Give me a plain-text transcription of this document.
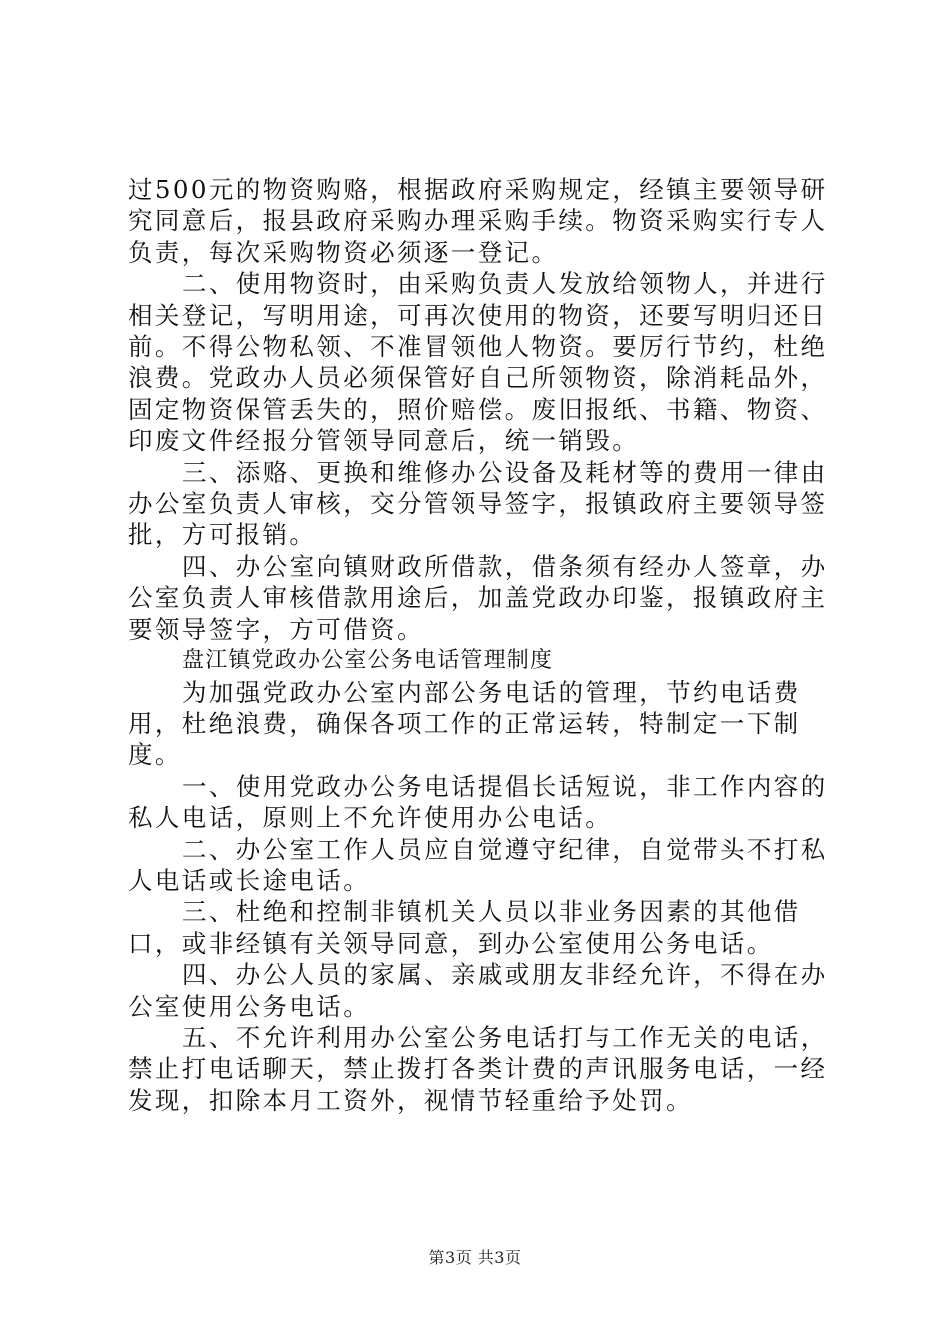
过500元的物资购赂，根据政府采购规定，经镇主要领导研究同意后，报县政府采购办理采购手续。物资采购实行专人负责，每次采购物资必须逐一登记。

二、使用物资时，由采购负责人发放给领物人，并进行相关登记，写明用途，可再次使用的物资，还要写明归还日前。不得公物私领、不准冒领他人物资。要厉行节约，杜绝浪费。党政办人员必须保管好自己所领物资，除消耗品外，固定物资保管丢失的，照价赔偿。废旧报纸、书籍、物资、印废文件经报分管领导同意后，统一销毁。

三、添赂、更换和维修办公设备及耗材等的费用一律由办公室负责人审核，交分管领导签字，报镇政府主要领导签批，方可报销。

四、办公室向镇财政所借款，借条须有经办人签章，办公室负责人审核借款用途后，加盖党政办印鉴，报镇政府主要领导签字，方可借资。

盘江镇党政办公室公务电话管理制度

为加强党政办公室内部公务电话的管理，节约电话费用，杜绝浪费，确保各项工作的正常运转，特制定一下制度。

一、使用党政办公务电话提倡长话短说，非工作内容的私人电话，原则上不允许使用办公电话。

二、办公室工作人员应自觉遵守纪律，自觉带头不打私人电话或长途电话。

三、杜绝和控制非镇机关人员以非业务因素的其他借口，或非经镇有关领导同意，到办公室使用公务电话。

四、办公人员的家属、亲戚或朋友非经允许，不得在办公室使用公务电话。

五、不允许利用办公室公务电话打与工作无关的电话，禁止打电话聊天，禁止拨打各类计费的声讯服务电话，一经发现，扣除本月工资外，视情节轻重给予处罚。

第3页 共3页
